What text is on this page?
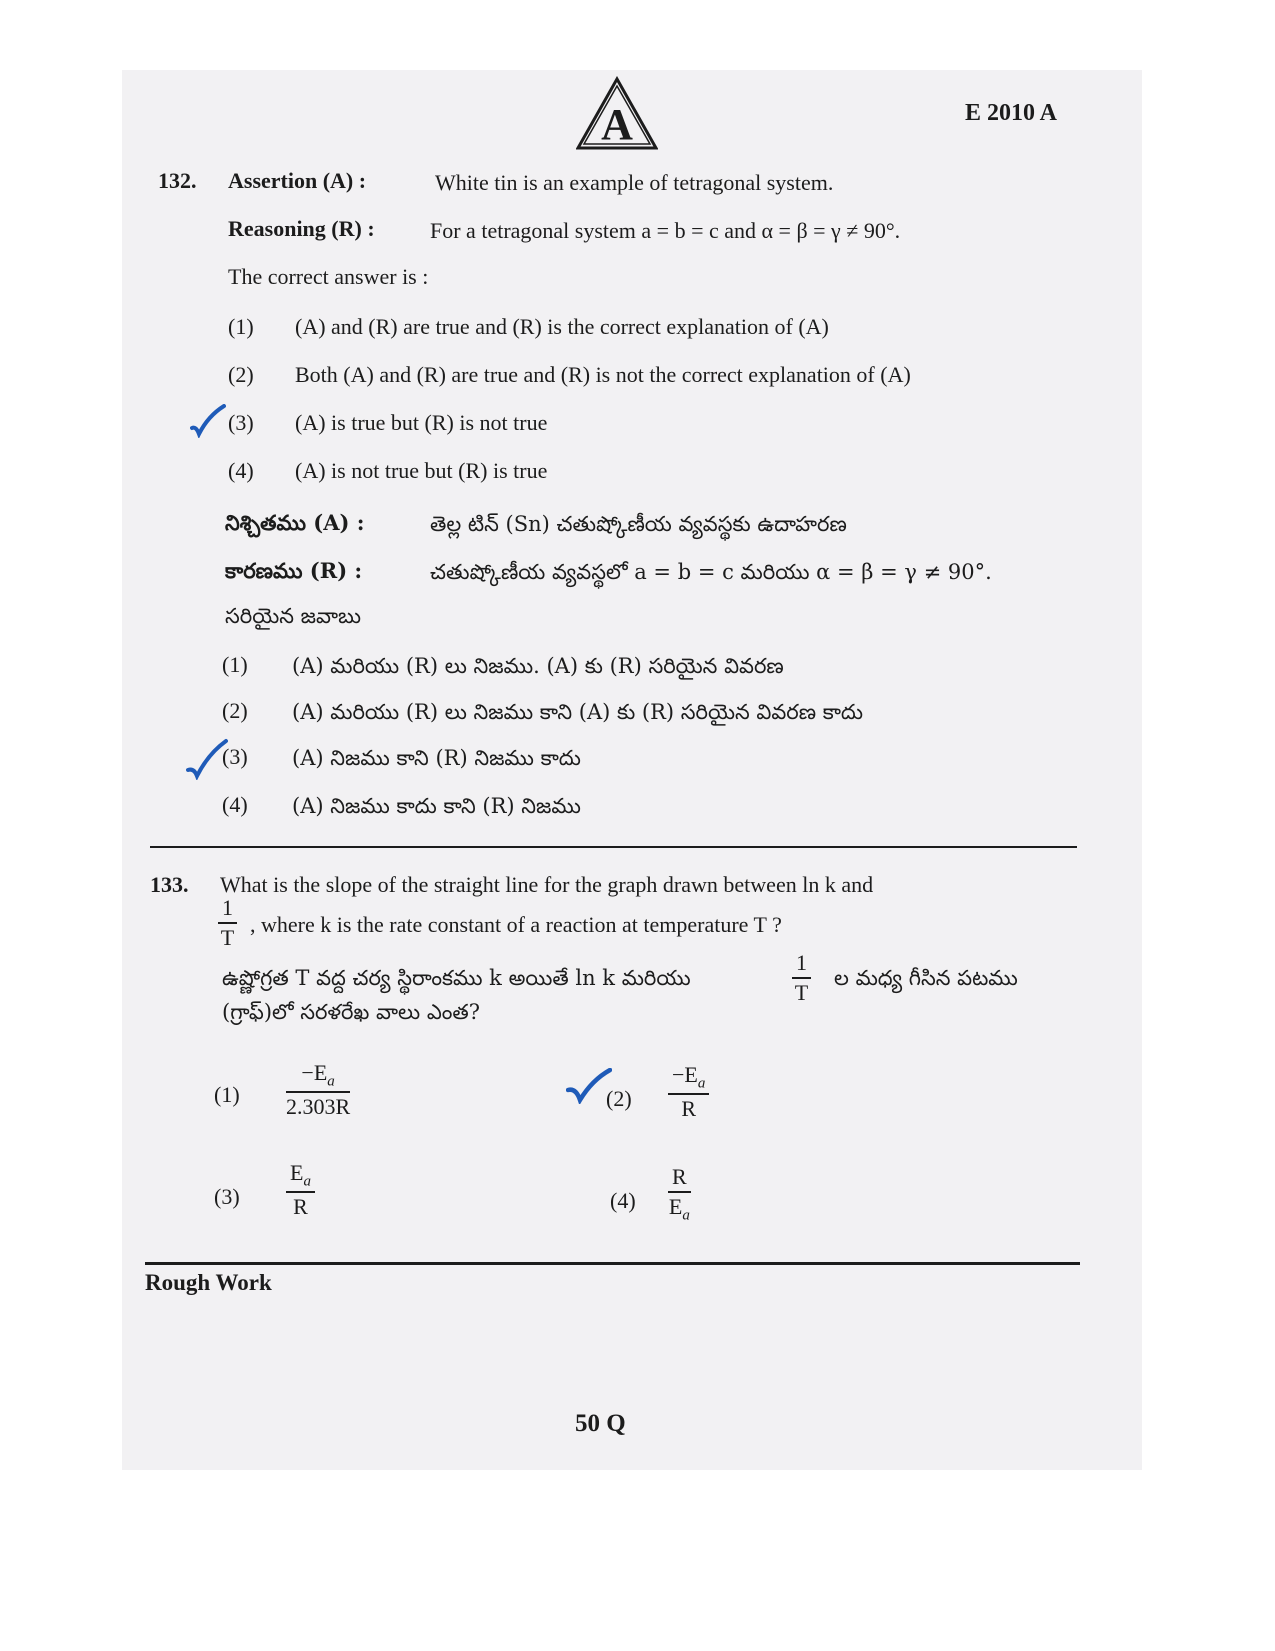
A	E 2010 A
132. Assertion (A) :	White tin is an example of tetragonal system.
Reasoning (R) :	For a tetragonal system a = b = c and α = β = γ ≠ 90°.
The correct answer is :
(1) (A) and (R) are true and (R) is the correct explanation of (A)
(2) Both (A) and (R) are true and (R) is not the correct explanation of (A)
(3) (A) is true but (R) is not true
(4) (A) is not true but (R) is true
నిశ్చితము (A) :	తెల్ల టిన్ (Sn) చతుష్కోణీయ వ్యవస్థకు ఉదాహరణ
కారణము (R) :	చతుష్కోణీయ వ్యవస్థలో a = b = c మరియు α = β = γ ≠ 90°.
సరియైన జవాబు
(1) (A) మరియు (R) లు నిజము. (A) కు (R) సరియైన వివరణ
(2) (A) మరియు (R) లు నిజము కాని (A) కు (R) సరియైన వివరణ కాదు
(3) (A) నిజము కాని (R) నిజము కాదు
(4) (A) నిజము కాదు కాని (R) నిజము
133. What is the slope of the straight line for the graph drawn between ln k and
$\frac{1}{T}$ , where k is the rate constant of a reaction at temperature T ?
ఉష్ణోగ్రత T వద్ద చర్య స్థిరాంకము k అయితే ln k మరియు	$\frac{1}{T}$ ల మధ్య గీసిన పటము
(గ్రాఫ్)లో సరళరేఖ వాలు ఎంత?
$(1) \frac{-E_a}{2.303R}$	$(2) \frac{-E_a}{R}$
$(3) \frac{E_a}{R}$	$(4) \frac{R}{E_a}$
Rough Work
50 Q
